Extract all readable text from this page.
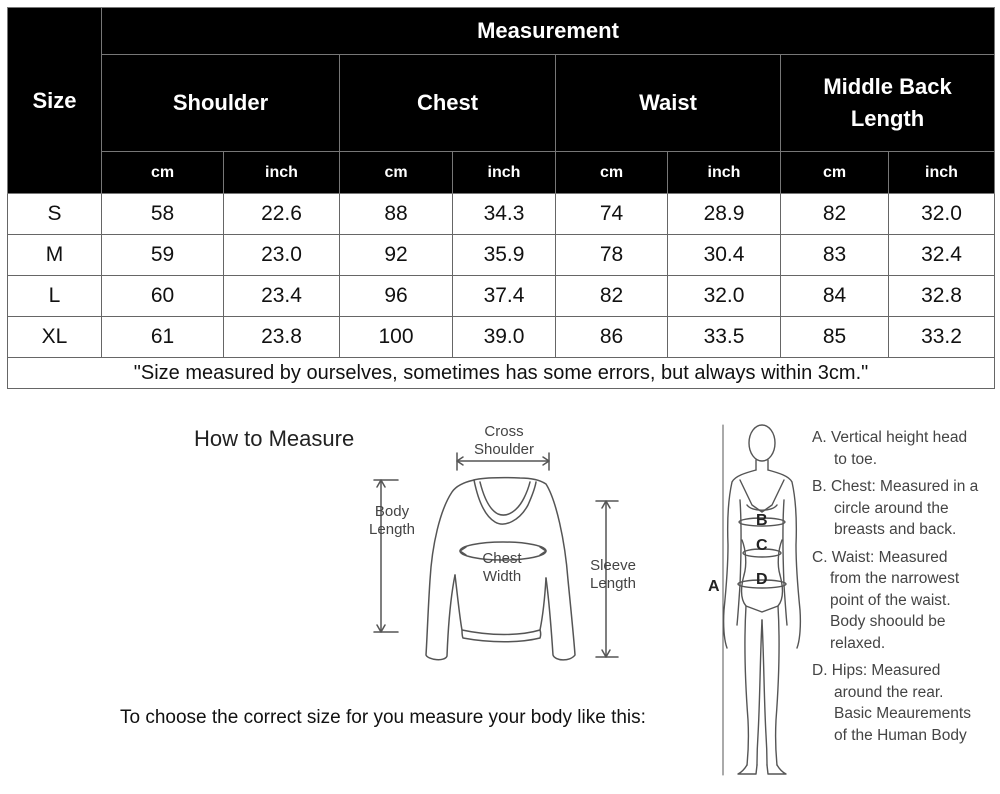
Size	Measurement							
	Shoulder		Chest		Waist		Middle Back Length	

	cm	inch	cm	inch	cm	inch	cm	inch
S	58	22.6	88	34.3	74	28.9	82	32.0
M	59	23.0	92	35.9	78	30.4	83	32.4
L	60	23.4	96	37.4	82	32.0	84	32.8
XL	61	23.8	100	39.0	86	33.5	85	33.2
"Size measured by ourselves, sometimes has some errors, but always within 3cm."								
How to Measure	Cross
Shoulder
Body
Length
Chest
Width
Sleeve
Length
To choose the correct size for you measure your body like this:
B
C
D
A
A. Vertical height head
to toe.
B. Chest: Measured in a
circle around the
breasts and back.
C. Waist: Measured
from the narrowest
point of the waist.
Body shoould be
relaxed.
D. Hips: Measured
around the rear.
Basic Meaurements
of the Human Body
